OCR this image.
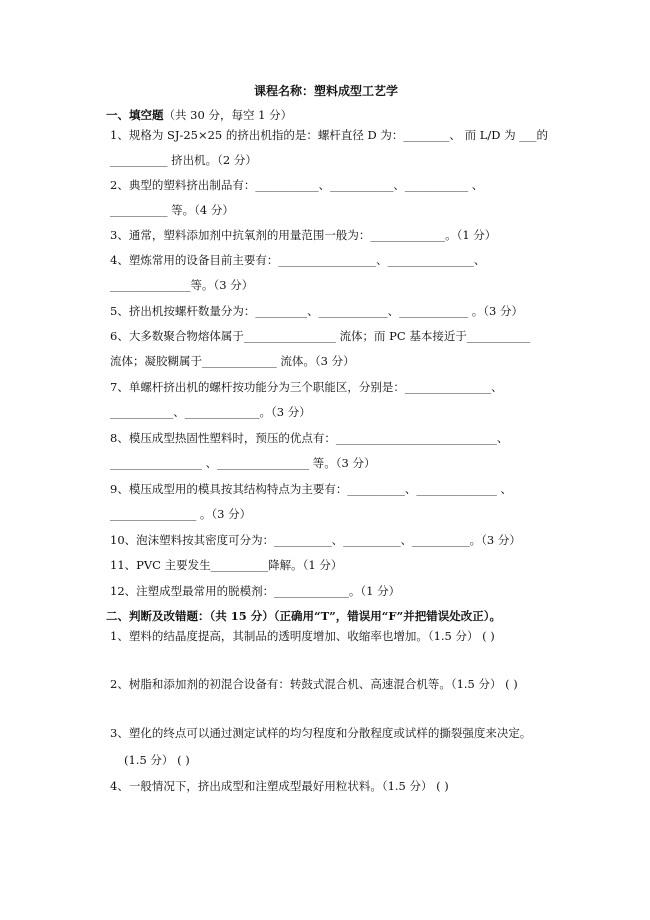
课程名称：塑料成型工艺学
一、填空题（共 30 分，每空 1 分）
1、规格为 SJ-25×25 的挤出机指的是：螺杆直径 D 为：________、 而 L/D 为 ___的
__________ 挤出机。（2 分）
2、典型的塑料挤出制品有：___________、___________、___________ 、
__________ 等。（4 分）
3、通常，塑料添加剂中抗氧剂的用量范围一般为：_____________。（1 分）
4、塑炼常用的设备目前主要有：_________________、_______________、
______________等。（3 分）
5、挤出机按螺杆数量分为：_________、____________、____________ 。（3 分）
6、大多数聚合物熔体属于________________ 流体；而 PC 基本接近于___________
流体；凝胶糊属于_____________ 流体。（3 分）
7、单螺杆挤出机的螺杆按功能分为三个职能区，分别是：_______________、
___________、_____________。（3 分）
8、模压成型热固性塑料时，预压的优点有：____________________________、
________________ 、________________ 等。（3 分）
9、模压成型用的模具按其结构特点为主要有：__________、______________ 、
_______________ 。（3 分）
10、泡沫塑料按其密度可分为：__________、__________、__________。（3 分）
11、PVC 主要发生__________降解。（1 分）
12、注塑成型最常用的脱模剂：_____________。（1 分）
二、判断及改错题：（共 15 分）（正确用“T”，错误用“F”并把错误处改正）。
1、塑料的结晶度提高，其制品的透明度增加、收缩率也增加。（1.5 分） ( )
2、树脂和添加剂的初混合设备有：转鼓式混合机、高速混合机等。（1.5 分） ( )
3、塑化的终点可以通过测定试样的均匀程度和分散程度或试样的撕裂强度来决定。
(1.5 分） ( )
4、一般情况下，挤出成型和注塑成型最好用粒状料。（1.5 分） ( )
